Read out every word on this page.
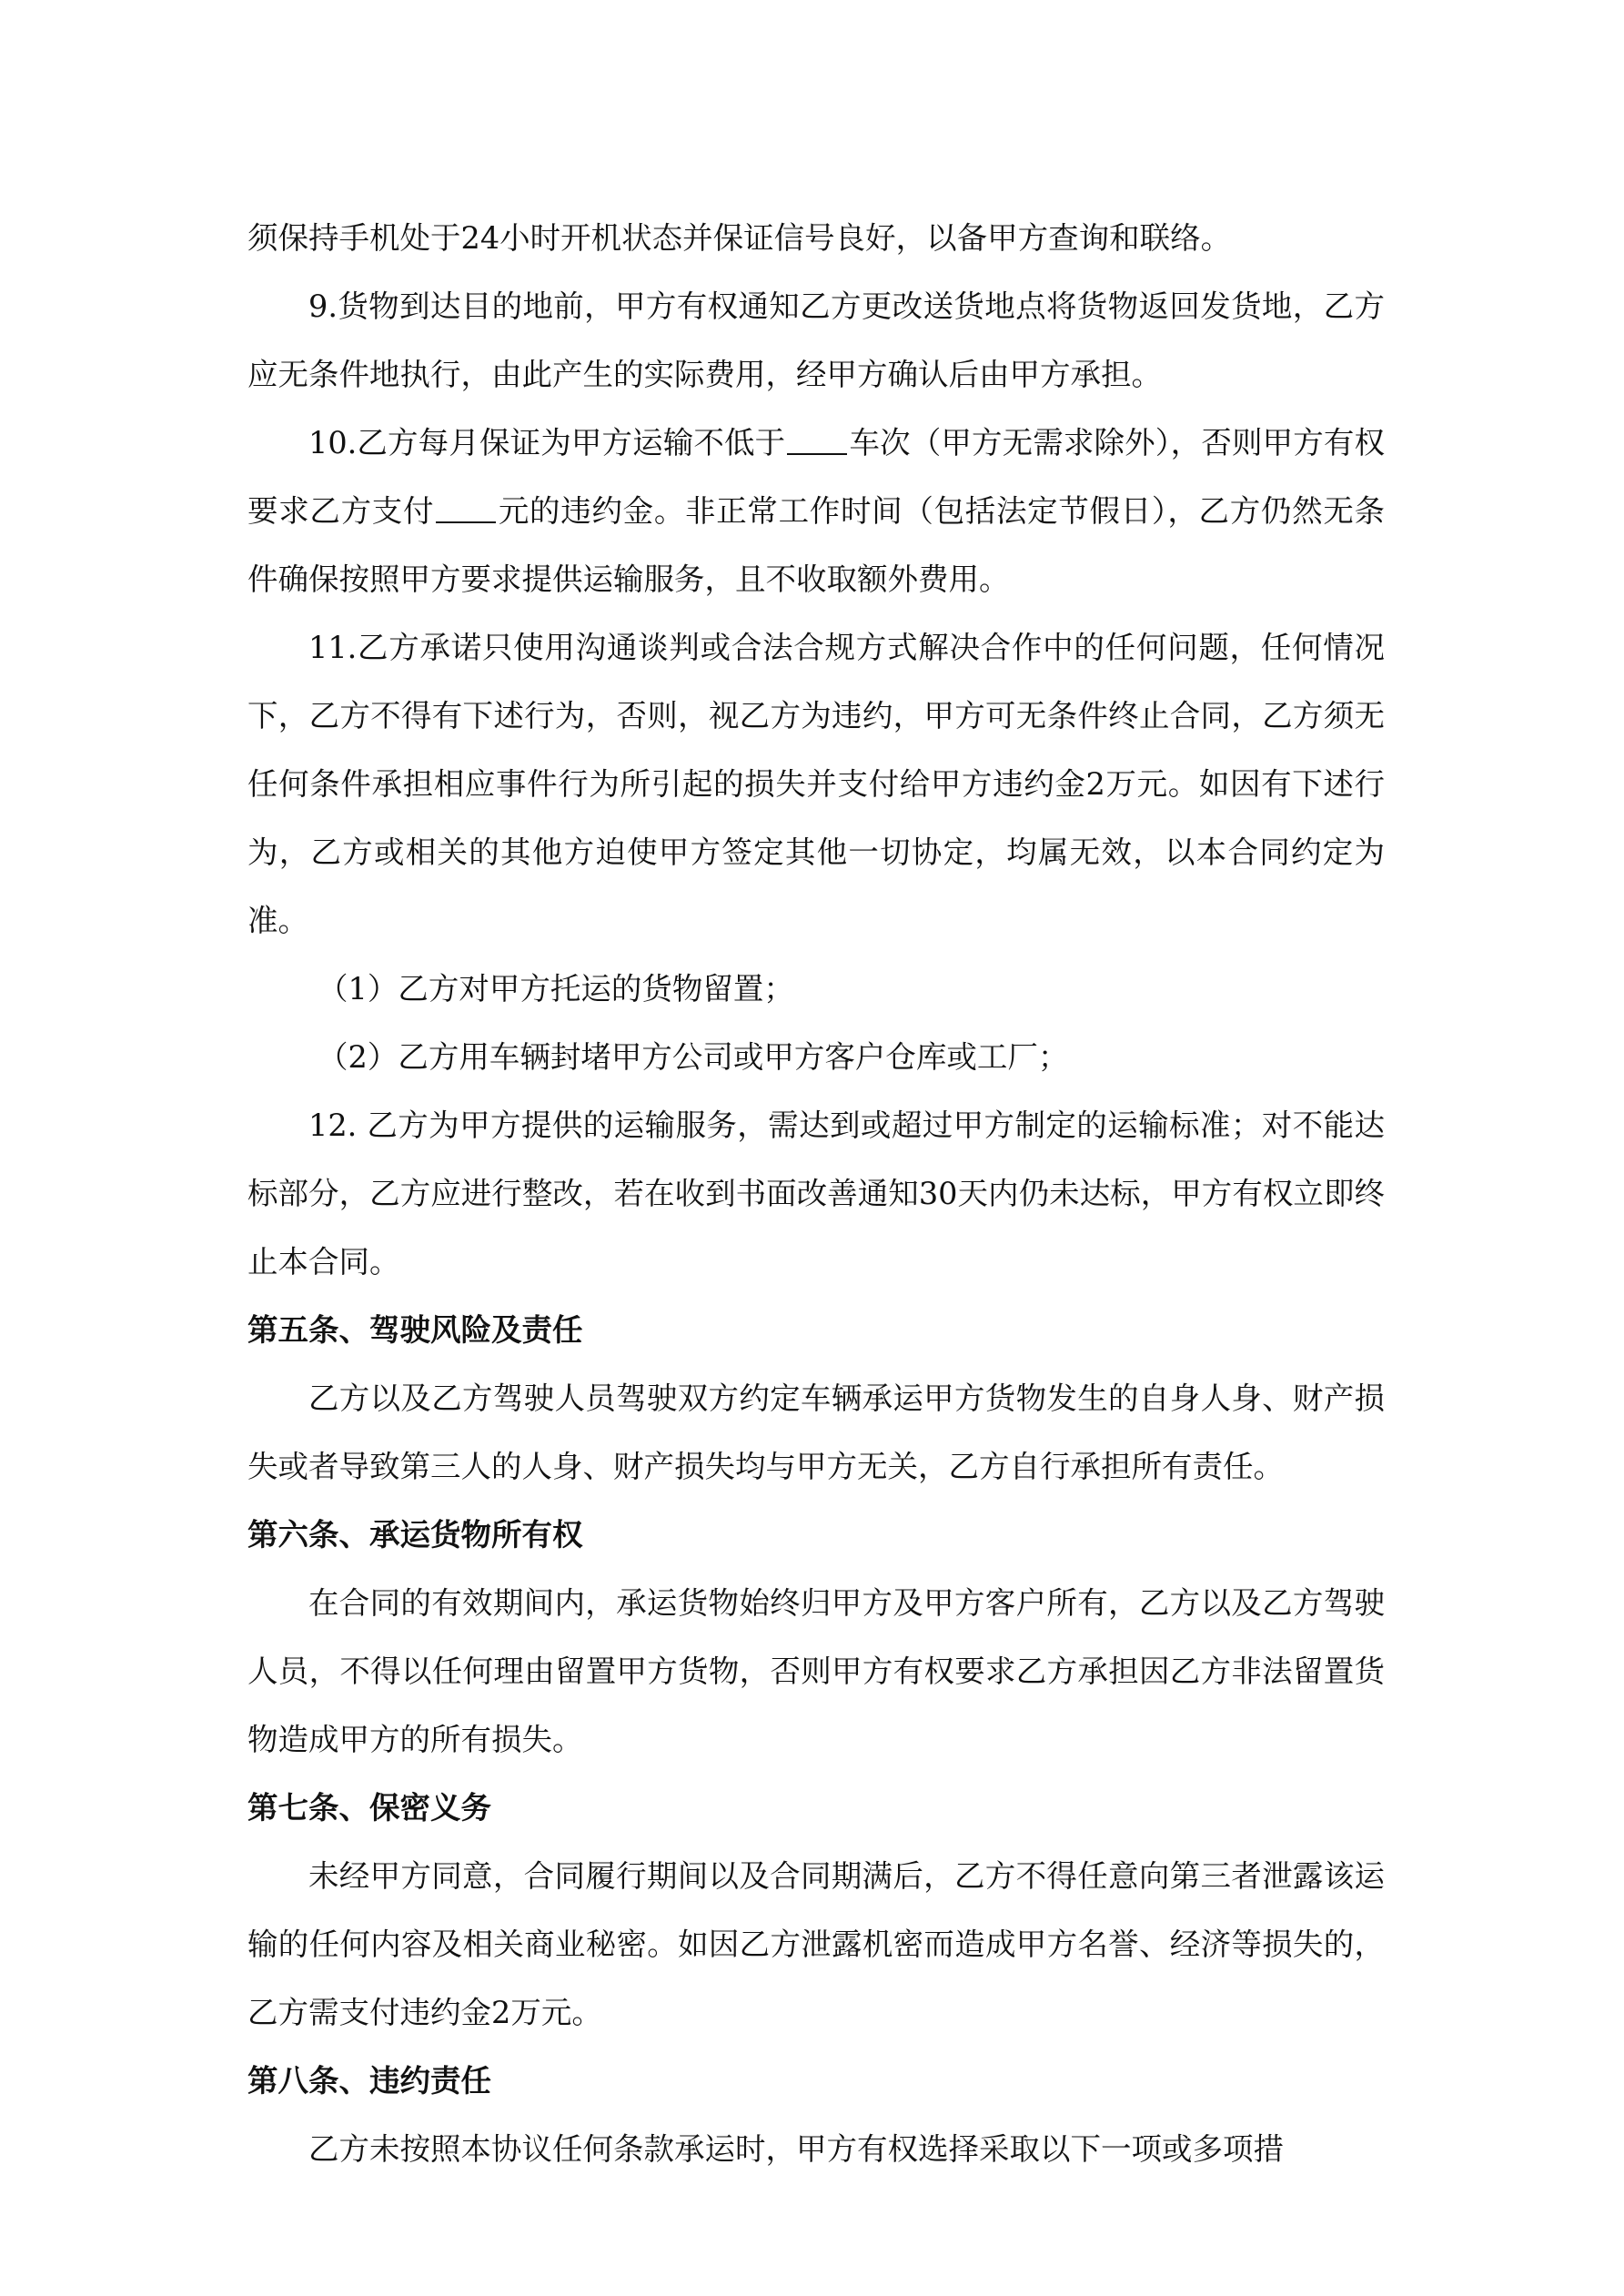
须保持手机处于24小时开机状态并保证信号良好，以备甲方查询和联络。

9.货物到达目的地前，甲方有权通知乙方更改送货地点将货物返回发货地，乙方应无条件地执行，由此产生的实际费用，经甲方确认后由甲方承担。

10.乙方每月保证为甲方运输不低于 车次（甲方无需求除外），否则甲方有权要求乙方支付 元的违约金。非正常工作时间（包括法定节假日），乙方仍然无条件确保按照甲方要求提供运输服务，且不收取额外费用。

11.乙方承诺只使用沟通谈判或合法合规方式解决合作中的任何问题，任何情况下，乙方不得有下述行为，否则，视乙方为违约，甲方可无条件终止合同，乙方须无任何条件承担相应事件行为所引起的损失并支付给甲方违约金2万元。如因有下述行为，乙方或相关的其他方迫使甲方签定其他一切协定，均属无效，以本合同约定为准。

（1）乙方对甲方托运的货物留置；

（2）乙方用车辆封堵甲方公司或甲方客户仓库或工厂；

12. 乙方为甲方提供的运输服务，需达到或超过甲方制定的运输标准；对不能达标部分，乙方应进行整改，若在收到书面改善通知30天内仍未达标，甲方有权立即终止本合同。

第五条、驾驶风险及责任

乙方以及乙方驾驶人员驾驶双方约定车辆承运甲方货物发生的自身人身、财产损失或者导致第三人的人身、财产损失均与甲方无关，乙方自行承担所有责任。

第六条、承运货物所有权

在合同的有效期间内，承运货物始终归甲方及甲方客户所有，乙方以及乙方驾驶人员，不得以任何理由留置甲方货物，否则甲方有权要求乙方承担因乙方非法留置货物造成甲方的所有损失。

第七条、保密义务

未经甲方同意，合同履行期间以及合同期满后，乙方不得任意向第三者泄露该运输的任何内容及相关商业秘密。如因乙方泄露机密而造成甲方名誉、经济等损失的，乙方需支付违约金2万元。

第八条、违约责任

乙方未按照本协议任何条款承运时，甲方有权选择采取以下一项或多项措
